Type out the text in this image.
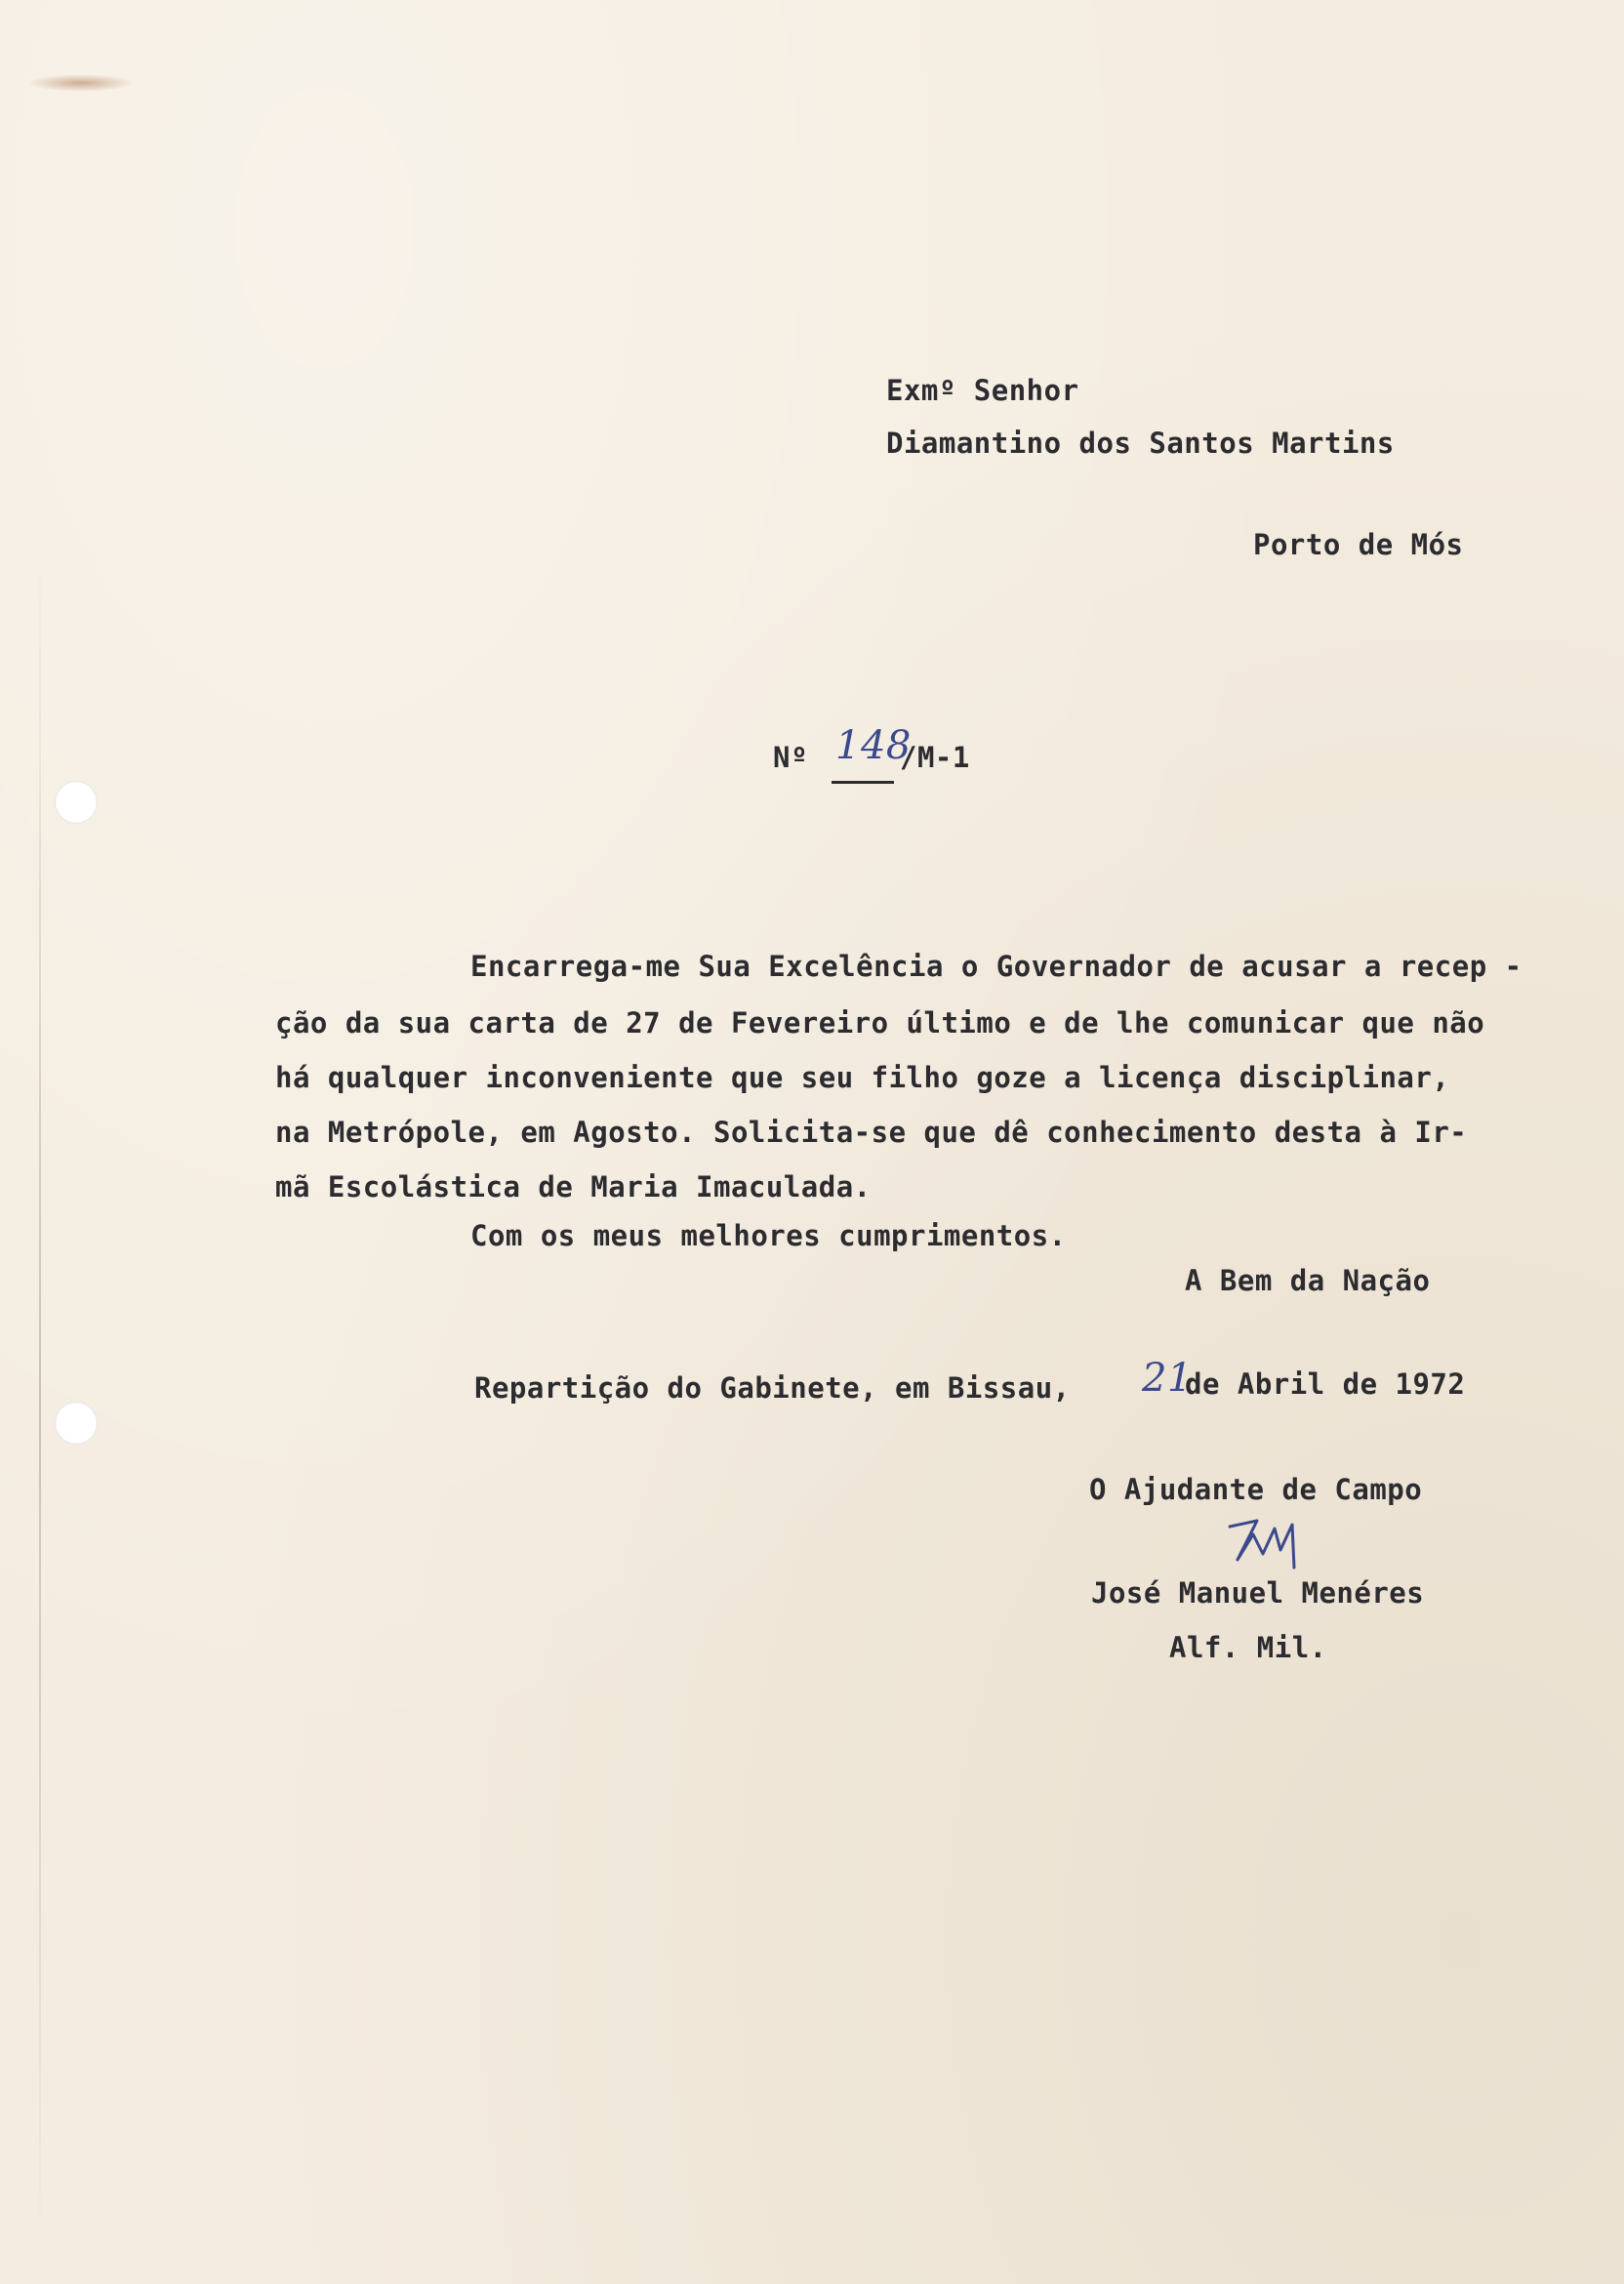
Exmº Senhor
Diamantino dos Santos Martins
Porto de Mós
Nº 148
/M-1
Encarrega-me Sua Excelência o Governador de acusar a recep -
ção da sua carta de 27 de Fevereiro último e de lhe comunicar que não
há qualquer inconveniente que seu filho goze a licença disciplinar,
na Metrópole, em Agosto. Solicita-se que dê conhecimento desta à Ir-
mã Escolástica de Maria Imaculada.
Com os meus melhores cumprimentos.
A Bem da Nação
Repartição do Gabinete, em Bissau, 21
de Abril de 1972
O Ajudante de Campo
José Manuel Menéres
Alf. Mil.
